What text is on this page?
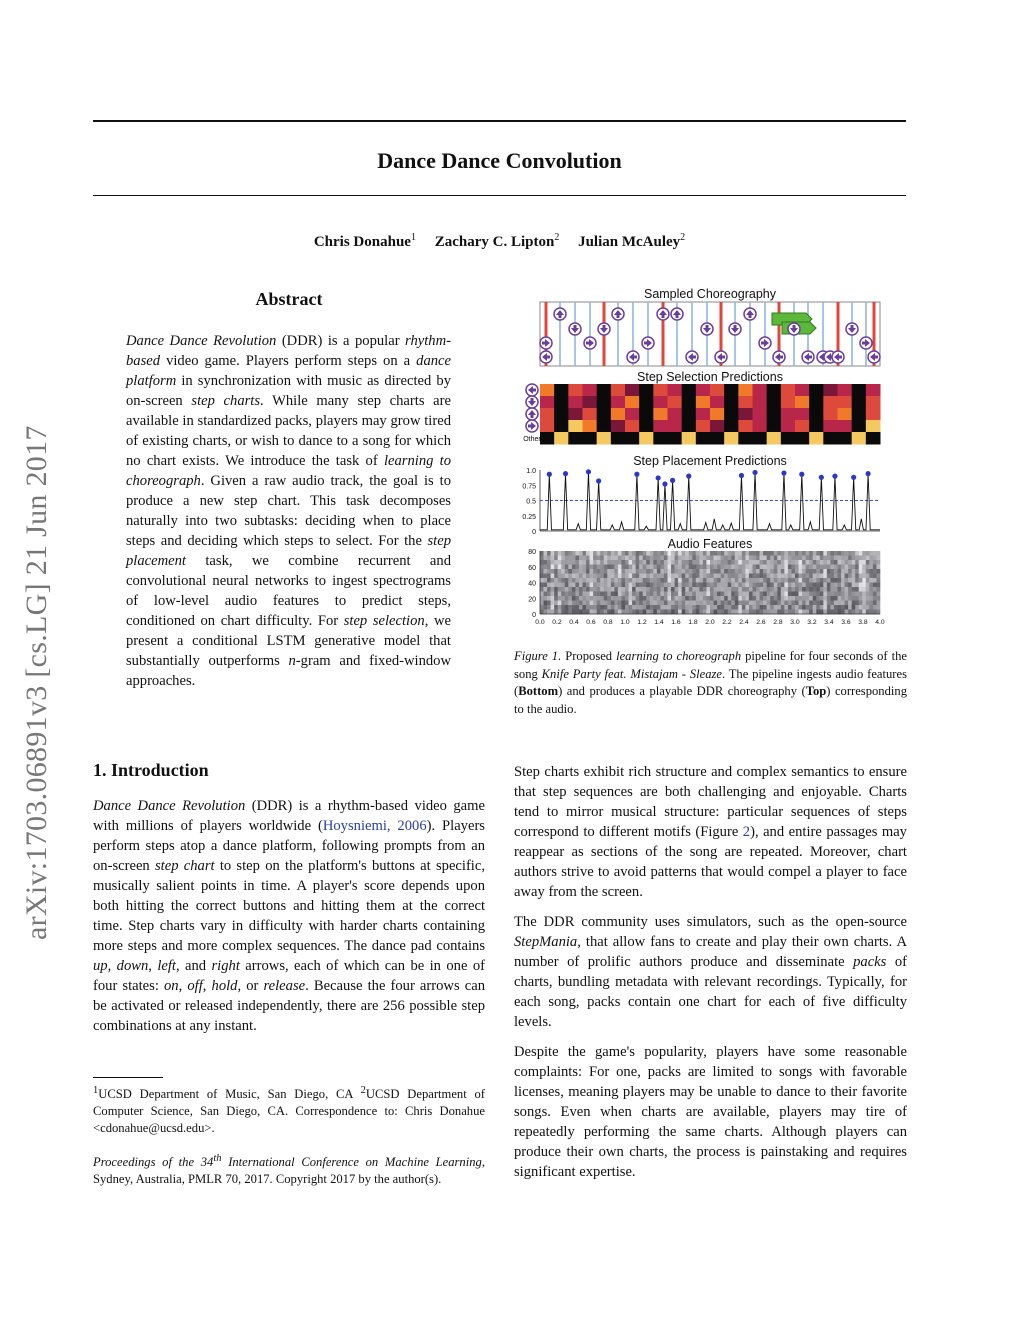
Dance Dance Convolution
Chris Donahue$^1$ Zachary C. Lipton$^2$ Julian McAuley$^2$
arXiv:1703.06891v3 [cs.LG] 21 Jun 2017
Abstract
Dance Dance Revolution (DDR) is a popular rhythm-based video game. Players perform steps on a dance platform in synchronization with music as directed by on-screen step charts. While many step charts are available in standardized packs, players may grow tired of existing charts, or wish to dance to a song for which no chart exists. We introduce the task of learning to choreograph. Given a raw audio track, the goal is to produce a new step chart. This task decomposes naturally into two subtasks: deciding when to place steps and deciding which steps to select. For the step placement task, we combine recurrent and convolutional neural networks to ingest spectrograms of low-level audio features to predict steps, conditioned on chart difficulty. For step selection, we present a conditional LSTM generative model that substantially outperforms n-gram and fixed-window approaches.
1. Introduction
Dance Dance Revolution (DDR) is a rhythm-based video game with millions of players worldwide (Hoysniemi, 2006). Players perform steps atop a dance platform, following prompts from an on-screen step chart to step on the platform's buttons at specific, musically salient points in time. A player's score depends upon both hitting the correct buttons and hitting them at the correct time. Step charts vary in difficulty with harder charts containing more steps and more complex sequences. The dance pad contains up, down, left, and right arrows, each of which can be in one of four states: on, off, hold, or release. Because the four arrows can be activated or released independently, there are 256 possible step combinations at any instant.
$^1$UCSD Department of Music, San Diego, CA $^2$UCSD Department of Computer Science, San Diego, CA. Correspondence to: Chris Donahue <cdonahue@ucsd.edu>.
Proceedings of the 34th International Conference on Machine Learning, Sydney, Australia, PMLR 70, 2017. Copyright 2017 by the author(s).
Sampled Choreography
Step Selection Predictions
Other
Step Placement Predictions
0
0.25
0.5
0.75
1.0
Audio Features
0
20
40
60
80
0.0 0.2 0.4 0.6 0.8 1.0 1.2 1.4 1.6 1.8 2.0 2.2 2.4 2.6 2.8 3.0 3.2 3.4 3.6 3.8 4.0
Figure 1. Proposed learning to choreograph pipeline for four seconds of the song Knife Party feat. Mistajam - Sleaze. The pipeline ingests audio features (Bottom) and produces a playable DDR choreography (Top) corresponding to the audio.

Step charts exhibit rich structure and complex semantics to ensure that step sequences are both challenging and enjoyable. Charts tend to mirror musical structure: particular sequences of steps correspond to different motifs (Figure 2), and entire passages may reappear as sections of the song are repeated. Moreover, chart authors strive to avoid patterns that would compel a player to face away from the screen.

The DDR community uses simulators, such as the open-source StepMania, that allow fans to create and play their own charts. A number of prolific authors produce and disseminate packs of charts, bundling metadata with relevant recordings. Typically, for each song, packs contain one chart for each of five difficulty levels.

Despite the game's popularity, players have some reasonable complaints: For one, packs are limited to songs with favorable licenses, meaning players may be unable to dance to their favorite songs. Even when charts are available, players may tire of repeatedly performing the same charts. Although players can produce their own charts, the process is painstaking and requires significant expertise.
